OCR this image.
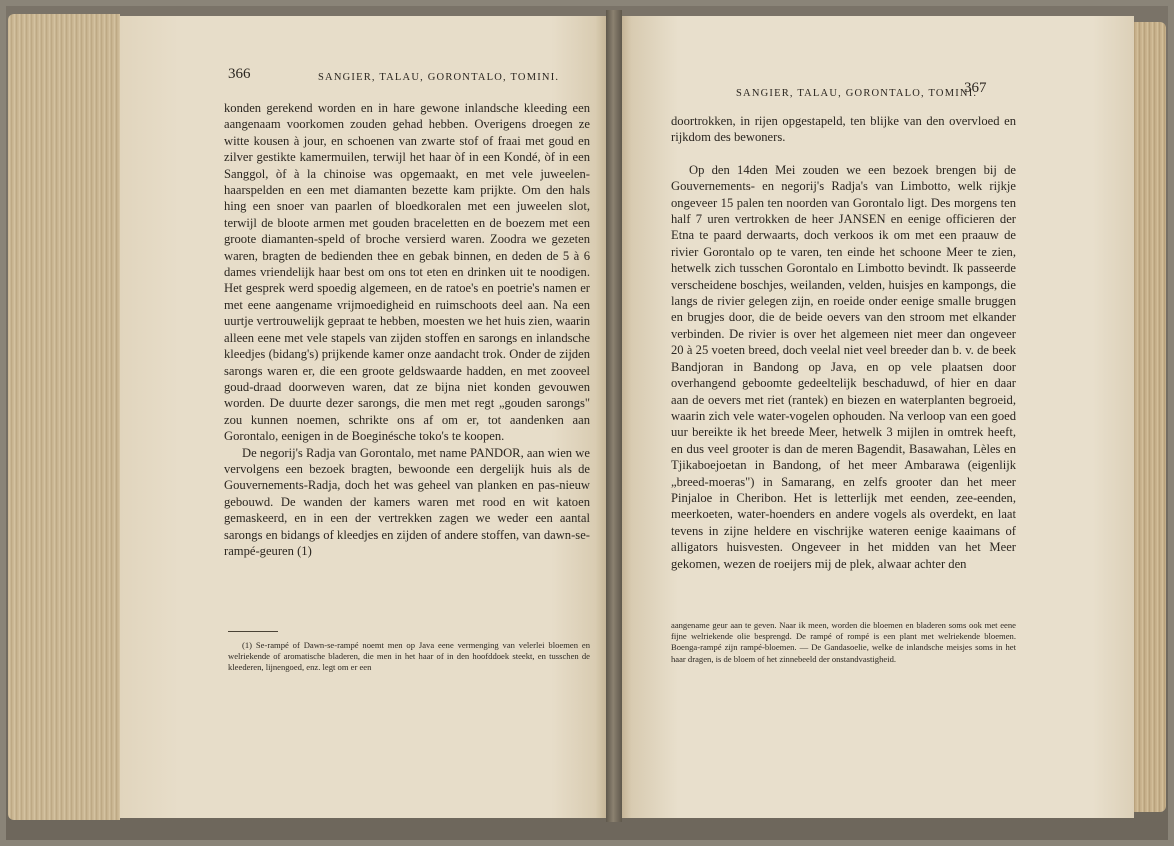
366	SANGIER, TALAU, GORONTALO, TOMINI.

konden gerekend worden en in hare gewone inlandsche kleeding een aangenaam voorkomen zouden gehad hebben. Overigens droegen ze witte kousen à jour, en schoenen van zwarte stof of fraai met goud en zilver gestikte kamermuilen, terwijl het haar òf in een Kondé, òf in een Sanggol, òf à la chinoise was opgemaakt, en met vele juweelen-haarspelden en een met diamanten bezette kam prijkte. Om den hals hing een snoer van paarlen of bloedkoralen met een juweelen slot, terwijl de bloote armen met gouden braceletten en de boezem met een groote diamanten-speld of broche versierd waren. Zoodra we gezeten waren, bragten de bedienden thee en gebak binnen, en deden de 5 à 6 dames vriendelijk haar best om ons tot eten en drinken uit te noodigen. Het gesprek werd spoedig algemeen, en de ratoe's en poetrie's namen er met eene aangename vrijmoedigheid en ruimschoots deel aan. Na een uurtje vertrouwelijk gepraat te hebben, moesten we het huis zien, waarin alleen eene met vele stapels van zijden stoffen en sarongs en inlandsche kleedjes (bidang's) prijkende kamer onze aandacht trok. Onder de zijden sarongs waren er, die een groote geldswaarde hadden, en met zooveel goud-draad doorweven waren, dat ze bijna niet konden gevouwen worden. De duurte dezer sarongs, die men met regt „gouden sarongs" zou kunnen noemen, schrikte ons af om er, tot aandenken aan Gorontalo, eenigen in de Boeginésche toko's te koopen.

De negorij's Radja van Gorontalo, met name PANDOR, aan wien we vervolgens een bezoek bragten, bewoonde een dergelijk huis als de Gouvernements-Radja, doch het was geheel van planken en pas-nieuw gebouwd. De wanden der kamers waren met rood en wit katoen gemaskeerd, en in een der vertrekken zagen we weder een aantal sarongs en bidangs of kleedjes en zijden of andere stoffen, van dawn-se-rampé-geuren (1)

(1) Se-rampé of Dawn-se-rampé noemt men op Java eene vermenging van velerlei bloemen en welriekende of aromatische bladeren, die men in het haar of in den hoofddoek steekt, en tusschen de kleederen, lijnengoed, enz. legt om er een

SANGIER, TALAU, GORONTALO, TOMINI.
367

doortrokken, in rijen opgestapeld, ten blijke van den overvloed en rijkdom des bewoners.

Op den 14den Mei zouden we een bezoek brengen bij de Gouvernements- en negorij's Radja's van Limbotto, welk rijkje ongeveer 15 palen ten noorden van Gorontalo ligt. Des morgens ten half 7 uren vertrokken de heer JANSEN en eenige officieren der Etna te paard derwaarts, doch verkoos ik om met een praauw de rivier Gorontalo op te varen, ten einde het schoone Meer te zien, hetwelk zich tusschen Gorontalo en Limbotto bevindt. Ik passeerde verscheidene boschjes, weilanden, velden, huisjes en kampongs, die langs de rivier gelegen zijn, en roeide onder eenige smalle bruggen en brugjes door, die de beide oevers van den stroom met elkander verbinden. De rivier is over het algemeen niet meer dan ongeveer 20 à 25 voeten breed, doch veelal niet veel breeder dan b. v. de beek Bandjoran in Bandong op Java, en op vele plaatsen door overhangend geboomte gedeeltelijk beschaduwd, of hier en daar aan de oevers met riet (rantek) en biezen en waterplanten begroeid, waarin zich vele water-vogelen ophouden. Na verloop van een goed uur bereikte ik het breede Meer, hetwelk 3 mijlen in omtrek heeft, en dus veel grooter is dan de meren Bagendit, Basawahan, Lèles en Tjikaboejoetan in Bandong, of het meer Ambarawa (eigenlijk „breed-moeras") in Samarang, en zelfs grooter dan het meer Pinjaloe in Cheribon. Het is letterlijk met eenden, zee-eenden, meerkoeten, water-hoenders en andere vogels als overdekt, en laat tevens in zijne heldere en vischrijke wateren eenige kaaimans of alligators huisvesten. Ongeveer in het midden van het Meer gekomen, wezen de roeijers mij de plek, alwaar achter den

aangename geur aan te geven. Naar ik meen, worden die bloemen en bladeren soms ook met eene fijne welriekende olie besprengd. De rampé of rompé is een plant met welriekende bloemen. Boenga-rampé zijn rampé-bloemen. — De Gandasoelie, welke de inlandsche meisjes soms in het haar dragen, is de bloem of het zinnebeeld der onstandvastigheid.
